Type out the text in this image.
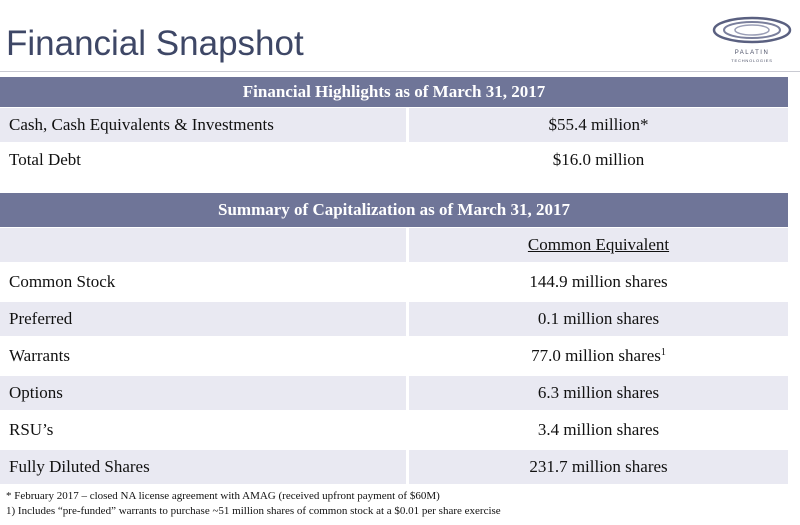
Financial Snapshot	PALATIN
TECHNOLOGIES
Financial Highlights as of March 31, 2017
Cash, Cash Equivalents & Investments	$55.4 million*
Total Debt	$16.0 million
Summary of Capitalization as of March 31, 2017
Common Equivalent
Common Stock	144.9 million shares
Preferred	0.1 million shares
Warrants	77.0 million shares$^1$
Options	6.3 million shares
RSU’s	3.4 million shares
Fully Diluted Shares	231.7 million shares
* February 2017 – closed NA license agreement with AMAG (received upfront payment of $60M)
1) Includes “pre-funded” warrants to purchase ~51 million shares of common stock at a $0.01 per share exercise
